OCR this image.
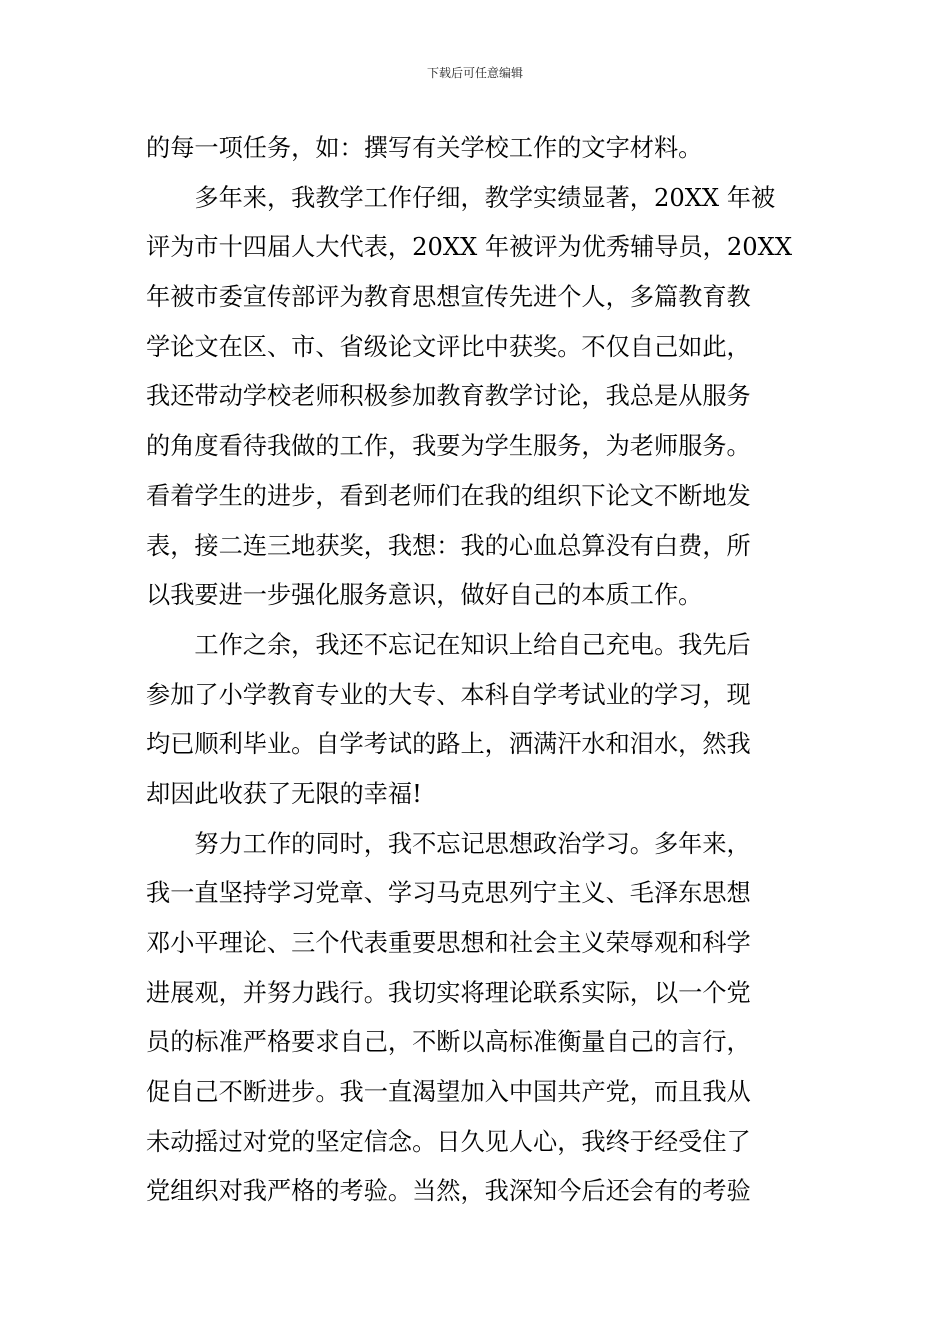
下载后可任意编辑
的每一项任务，如：撰写有关学校工作的文字材料。
　　多年来，我教学工作仔细，教学实绩显著，20XX 年被
评为市十四届人大代表，20XX 年被评为优秀辅导员，20XX
年被市委宣传部评为教育思想宣传先进个人，多篇教育教
学论文在区、市、省级论文评比中获奖。不仅自己如此，
我还带动学校老师积极参加教育教学讨论，我总是从服务
的角度看待我做的工作，我要为学生服务，为老师服务。
看着学生的进步，看到老师们在我的组织下论文不断地发
表，接二连三地获奖，我想：我的心血总算没有白费，所
以我要进一步强化服务意识，做好自己的本质工作。
　　工作之余，我还不忘记在知识上给自己充电。我先后
参加了小学教育专业的大专、本科自学考试业的学习，现
均已顺利毕业。自学考试的路上，洒满汗水和泪水，然我
却因此收获了无限的幸福!
　　努力工作的同时，我不忘记思想政治学习。多年来，
我一直坚持学习党章、学习马克思列宁主义、毛泽东思想
邓小平理论、三个代表重要思想和社会主义荣辱观和科学
进展观，并努力践行。我切实将理论联系实际，以一个党
员的标准严格要求自己，不断以高标准衡量自己的言行，
促自己不断进步。我一直渴望加入中国共产党，而且我从
未动摇过对党的坚定信念。日久见人心，我终于经受住了
党组织对我严格的考验。当然，我深知今后还会有的考验
